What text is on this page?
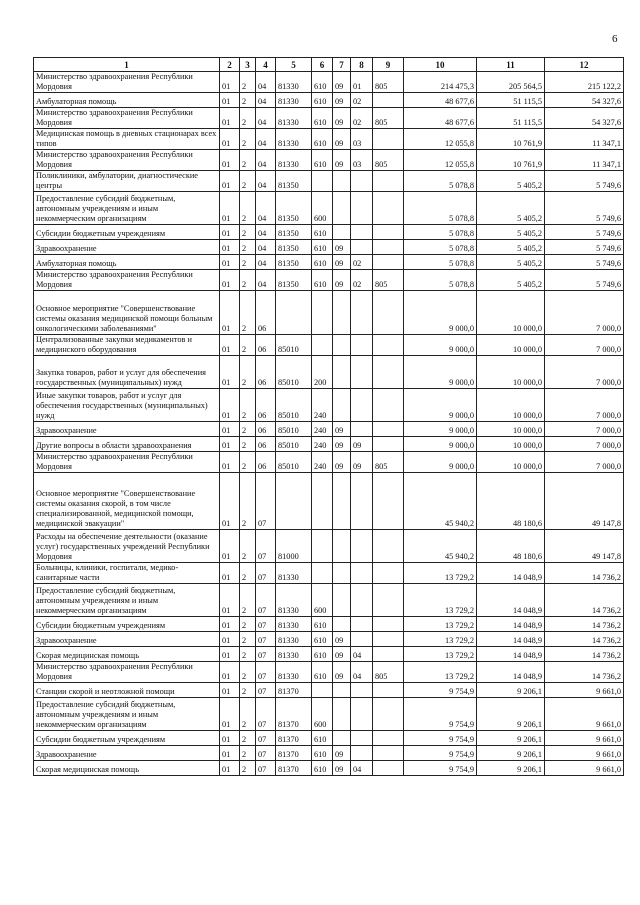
6
1	2	3	4	5	6	7	8	9	10	11	12
Министерство здравоохранения Республики Мордовия	01	2	04	81330	610	09	01	805	214 475,3	205 564,5	215 122,2
Амбулаторная помощь	01	2	04	81330	610	09	02		48 677,6	51 115,5	54 327,6
Министерство здравоохранения Республики Мордовия	01	2	04	81330	610	09	02	805	48 677,6	51 115,5	54 327,6
Медицинская помощь в дневных стационарах всех типов	01	2	04	81330	610	09	03		12 055,8	10 761,9	11 347,1
Министерство здравоохранения Республики Мордовия	01	2	04	81330	610	09	03	805	12 055,8	10 761,9	11 347,1
Поликлиники, амбулатории, диагностические центры	01	2	04	81350					5 078,8	5 405,2	5 749,6
Предоставление субсидий бюджетным, автономным учреждениям и иным некоммерческим организациям	01	2	04	81350	600				5 078,8	5 405,2	5 749,6
Субсидии бюджетным учреждениям	01	2	04	81350	610				5 078,8	5 405,2	5 749,6
Здравоохранение	01	2	04	81350	610	09			5 078,8	5 405,2	5 749,6
Амбулаторная помощь	01	2	04	81350	610	09	02		5 078,8	5 405,2	5 749,6
Министерство здравоохранения Республики Мордовия	01	2	04	81350	610	09	02	805	5 078,8	5 405,2	5 749,6
Основное мероприятие "Совершенствование системы оказания медицинской помощи больным онкологическими заболеваниями"	01	2	06						9 000,0	10 000,0	7 000,0
Централизованные закупки медикаментов и медицинского оборудования	01	2	06	85010					9 000,0	10 000,0	7 000,0
Закупка товаров, работ и услуг для обеспечения государственных (муниципальных) нужд	01	2	06	85010	200				9 000,0	10 000,0	7 000,0
Иные закупки товаров, работ и услуг для обеспечения государственных (муниципальных) нужд	01	2	06	85010	240				9 000,0	10 000,0	7 000,0
Здравоохранение	01	2	06	85010	240	09			9 000,0	10 000,0	7 000,0
Другие вопросы в области здравоохранения	01	2	06	85010	240	09	09		9 000,0	10 000,0	7 000,0
Министерство здравоохранения Республики Мордовия	01	2	06	85010	240	09	09	805	9 000,0	10 000,0	7 000,0
Основное мероприятие "Совершенствование системы оказания скорой, в том числе специализированной, медицинской помощи, медицинской эвакуации"	01	2	07						45 940,2	48 180,6	49 147,8
Расходы на обеспечение деятельности (оказание услуг) государственных учреждений Республики Мордовия	01	2	07	81000					45 940,2	48 180,6	49 147,8
Больницы, клиники, госпитали, медико-санитарные части	01	2	07	81330					13 729,2	14 048,9	14 736,2
Предоставление субсидий бюджетным, автономным учреждениям и иным некоммерческим организациям	01	2	07	81330	600				13 729,2	14 048,9	14 736,2
Субсидии бюджетным учреждениям	01	2	07	81330	610				13 729,2	14 048,9	14 736,2
Здравоохранение	01	2	07	81330	610	09			13 729,2	14 048,9	14 736,2
Скорая медицинская помощь	01	2	07	81330	610	09	04		13 729,2	14 048,9	14 736,2
Министерство здравоохранения Республики Мордовия	01	2	07	81330	610	09	04	805	13 729,2	14 048,9	14 736,2
Станции скорой и неотложной помощи	01	2	07	81370					9 754,9	9 206,1	9 661,0
Предоставление субсидий бюджетным, автономным учреждениям и иным некоммерческим организациям	01	2	07	81370	600				9 754,9	9 206,1	9 661,0
Субсидии бюджетным учреждениям	01	2	07	81370	610				9 754,9	9 206,1	9 661,0
Здравоохранение	01	2	07	81370	610	09			9 754,9	9 206,1	9 661,0
Скорая медицинская помощь	01	2	07	81370	610	09	04		9 754,9	9 206,1	9 661,0
